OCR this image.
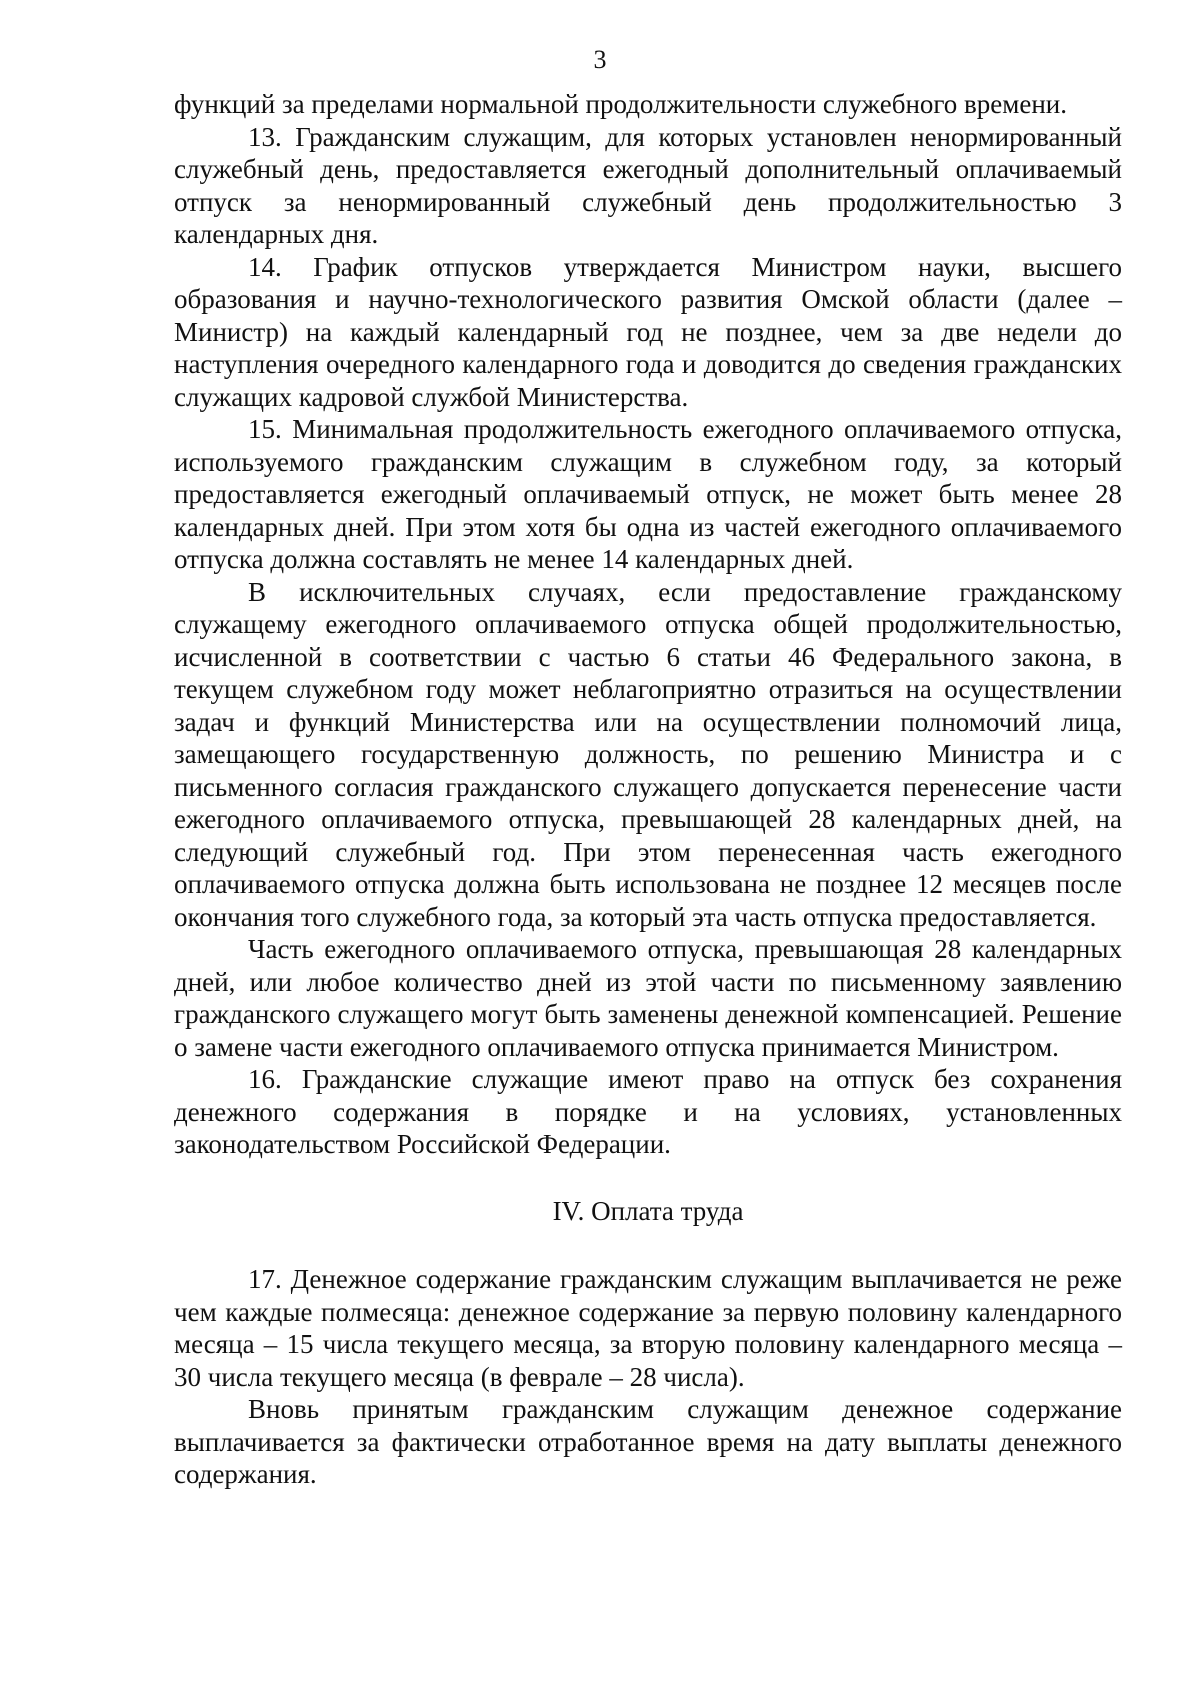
3

функций за пределами нормальной продолжительности служебного времени.

13. Гражданским служащим, для которых установлен ненормированный служебный день, предоставляется ежегодный дополнительный оплачиваемый отпуск за ненормированный служебный день продолжительностью 3 календарных дня.

14. График отпусков утверждается Министром науки, высшего образования и научно-технологического развития Омской области (далее – Министр) на каждый календарный год не позднее, чем за две недели до наступления очередного календарного года и доводится до сведения гражданских служащих кадровой службой Министерства.

15. Минимальная продолжительность ежегодного оплачиваемого отпуска, используемого гражданским служащим в служебном году, за который предоставляется ежегодный оплачиваемый отпуск, не может быть менее 28 календарных дней. При этом хотя бы одна из частей ежегодного оплачиваемого отпуска должна составлять не менее 14 календарных дней.

В исключительных случаях, если предоставление гражданскому служащему ежегодного оплачиваемого отпуска общей продолжительностью, исчисленной в соответствии с частью 6 статьи 46 Федерального закона, в текущем служебном году может неблагоприятно отразиться на осуществлении задач и функций Министерства или на осуществлении полномочий лица, замещающего государственную должность, по решению Министра и с письменного согласия гражданского служащего допускается перенесение части ежегодного оплачиваемого отпуска, превышающей 28 календарных дней, на следующий служебный год. При этом перенесенная часть ежегодного оплачиваемого отпуска должна быть использована не позднее 12 месяцев после окончания того служебного года, за который эта часть отпуска предоставляется.

Часть ежегодного оплачиваемого отпуска, превышающая 28 календарных дней, или любое количество дней из этой части по письменному заявлению гражданского служащего могут быть заменены денежной компенсацией. Решение о замене части ежегодного оплачиваемого отпуска принимается Министром.

16. Гражданские служащие имеют право на отпуск без сохранения денежного содержания в порядке и на условиях, установленных законодательством Российской Федерации.

IV. Оплата труда

17. Денежное содержание гражданским служащим выплачивается не реже чем каждые полмесяца: денежное содержание за первую половину календарного месяца – 15 числа текущего месяца, за вторую половину календарного месяца – 30 числа текущего месяца (в феврале – 28 числа).

Вновь принятым гражданским служащим денежное содержание выплачивается за фактически отработанное время на дату выплаты денежного содержания.
